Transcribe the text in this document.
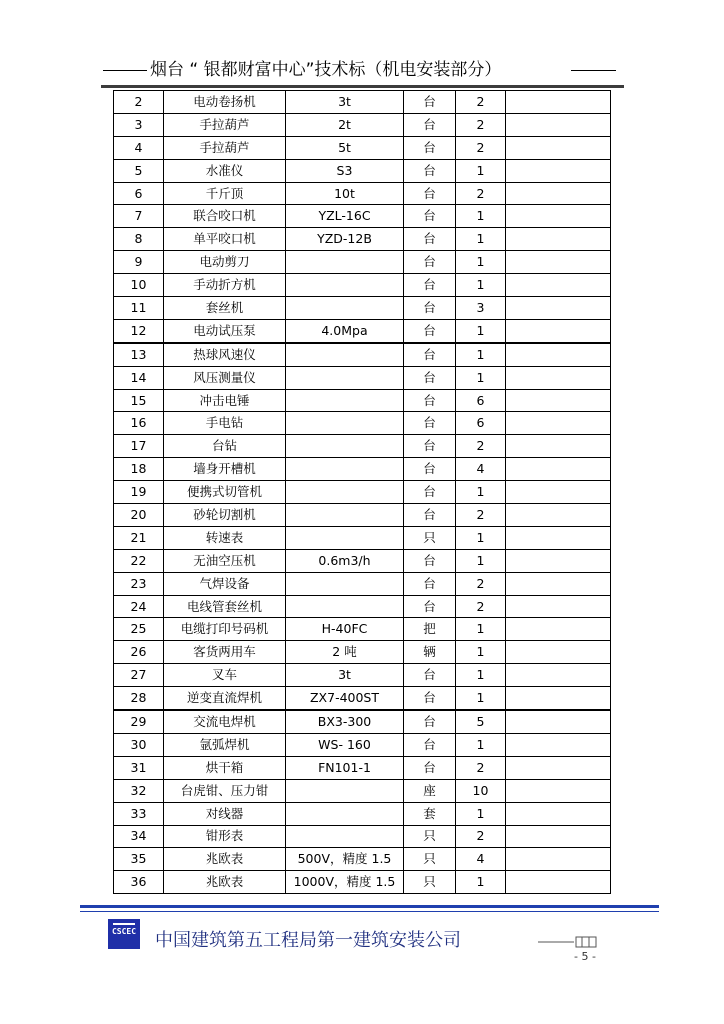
烟台 “ 银都财富中心”技术标（机电安装部分）
2	电动卷扬机	3t	台	2	
3	手拉葫芦	2t	台	2	
4	手拉葫芦	5t	台	2	
5	水准仪	S3	台	1	
6	千斤顶	10t	台	2	
7	联合咬口机	YZL-16C	台	1	
8	单平咬口机	YZD-12B	台	1	
9	电动剪刀		台	1	
10	手动折方机		台	1	
11	套丝机		台	3	
12	电动试压泵	4.0Mpa	台	1	
13	热球风速仪		台	1	
14	风压测量仪		台	1	
15	冲击电锤		台	6	
16	手电钻		台	6	
17	台钻		台	2	
18	墙身开槽机		台	4	
19	便携式切管机		台	1	
20	砂轮切割机		台	2	
21	转速表		只	1	
22	无油空压机	0.6m3/h	台	1	
23	气焊设备		台	2	
24	电线管套丝机		台	2	
25	电缆打印号码机	H-40FC	把	1	
26	客货两用车	2 吨	辆	1	
27	叉车	3t	台	1	
28	逆变直流焊机	ZX7-400ST	台	1	
29	交流电焊机	BX3-300	台	5	
30	氩弧焊机	WS- 160	台	1	
31	烘干箱	FN101-1	台	2	
32	台虎钳、压力钳		座	10	
33	对线器		套	1	
34	钳形表		只	2	
35	兆欧表	500V，精度 1.5	只	4	
36	兆欧表	1000V，精度 1.5	只	1	
CSCEC 中国建筑第五工程局第一建筑安装公司
- 5 -
